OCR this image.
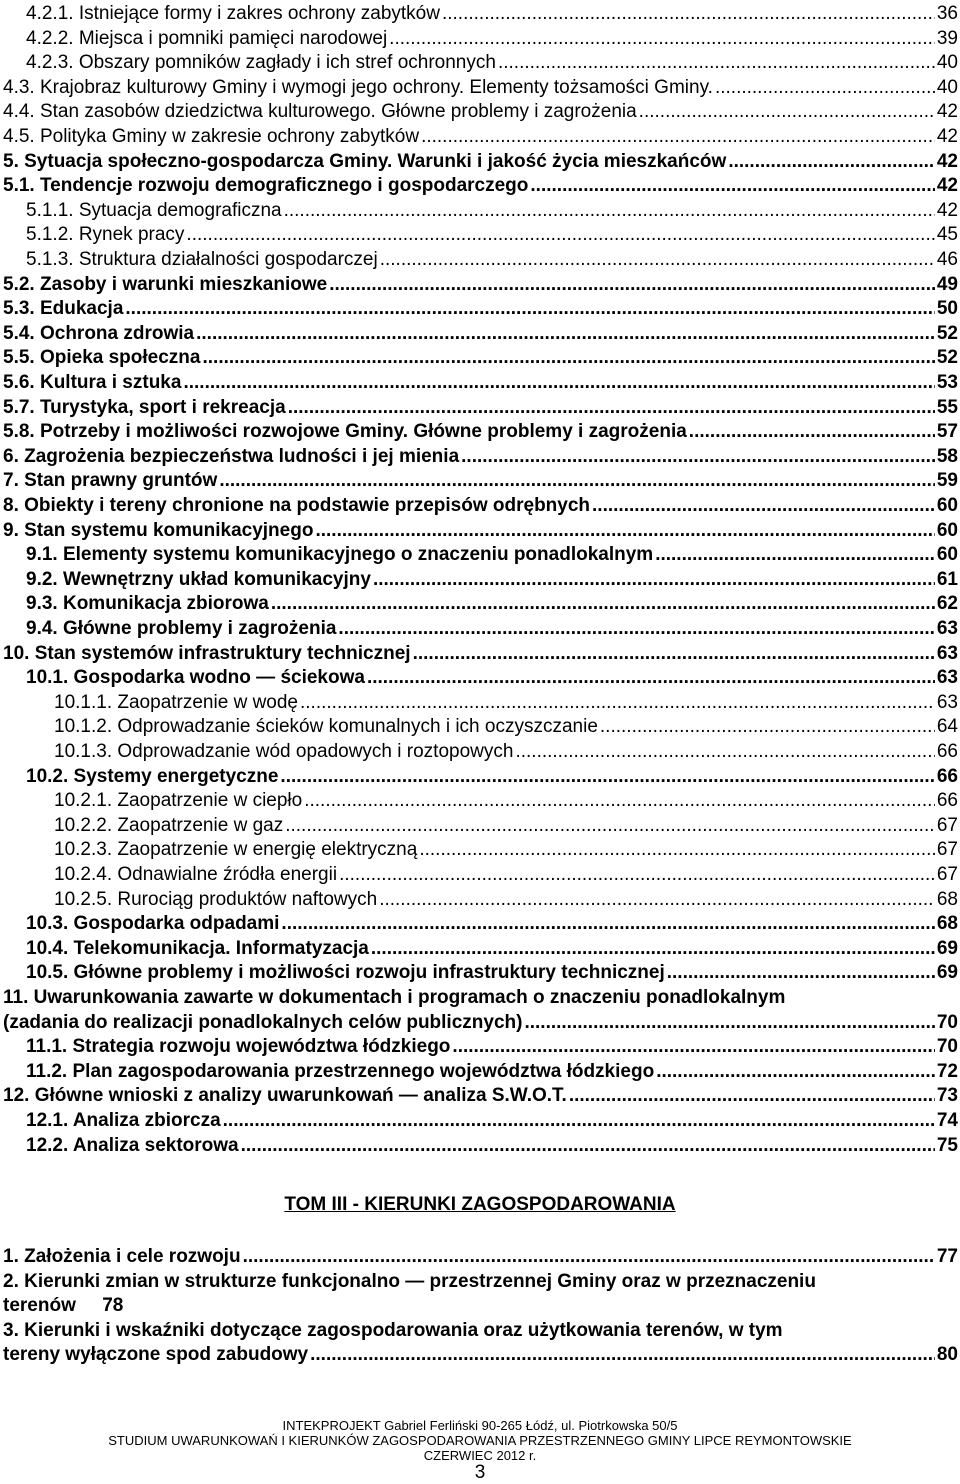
4.2.1. Istniejące formy i zakres ochrony zabytków .....	36
4.2.2. Miejsca i pomniki pamięci narodowej .....	39
4.2.3. Obszary pomników zagłady i ich stref ochronnych .....	40
4.3. Krajobraz kulturowy Gminy i wymogi jego ochrony. Elementy tożsamości Gminy. .....	40
4.4. Stan zasobów dziedzictwa kulturowego. Główne problemy i zagrożenia .....	42
4.5. Polityka Gminy w zakresie ochrony zabytków .....	42
5. Sytuacja społeczno-gospodarcza Gminy. Warunki i jakość życia mieszkańców .....	42
5.1. Tendencje rozwoju demograficznego i gospodarczego .....	42
5.1.1. Sytuacja demograficzna .....	42
5.1.2. Rynek pracy .....	45
5.1.3. Struktura działalności gospodarczej .....	46
5.2. Zasoby i warunki mieszkaniowe .....	49
5.3. Edukacja .....	50
5.4. Ochrona zdrowia .....	52
5.5. Opieka społeczna .....	52
5.6. Kultura i sztuka .....	53
5.7. Turystyka, sport i rekreacja .....	55
5.8. Potrzeby i możliwości rozwojowe Gminy. Główne problemy i zagrożenia .....	57
6. Zagrożenia bezpieczeństwa ludności i jej mienia .....	58
7. Stan prawny gruntów .....	59
8. Obiekty i tereny chronione na podstawie przepisów odrębnych .....	60
9. Stan systemu komunikacyjnego .....	60
9.1. Elementy systemu komunikacyjnego o znaczeniu ponadlokalnym .....	60
9.2. Wewnętrzny układ komunikacyjny .....	61
9.3. Komunikacja zbiorowa .....	62
9.4. Główne problemy i zagrożenia .....	63
10. Stan systemów infrastruktury technicznej .....	63
10.1. Gospodarka wodno — ściekowa .....	63
10.1.1. Zaopatrzenie w wodę .....	63
10.1.2. Odprowadzanie ścieków komunalnych i ich oczyszczanie .....	64
10.1.3. Odprowadzanie wód opadowych i roztopowych .....	66
10.2. Systemy energetyczne .....	66
10.2.1. Zaopatrzenie w ciepło .....	66
10.2.2. Zaopatrzenie w gaz .....	67
10.2.3. Zaopatrzenie w energię elektryczną .....	67
10.2.4. Odnawialne źródła energii .....	67
10.2.5. Rurociąg produktów naftowych .....	68
10.3. Gospodarka odpadami .....	68
10.4. Telekomunikacja. Informatyzacja .....	69
10.5. Główne problemy i możliwości rozwoju infrastruktury technicznej .....	69
11. Uwarunkowania zawarte w dokumentach i programach o znaczeniu ponadlokalnym
(zadania do realizacji ponadlokalnych celów publicznych) .....	70
11.1. Strategia rozwoju województwa łódzkiego .....	70
11.2. Plan zagospodarowania przestrzennego województwa łódzkiego .....	72
12. Główne wnioski z analizy uwarunkowań — analiza S.W.O.T. .....	73
12.1. Analiza zbiorcza .....	74
12.2. Analiza sektorowa .....	75
TOM III - KIERUNKI ZAGOSPODAROWANIA
1. Założenia i cele rozwoju .....	77
2. Kierunki zmian w strukturze funkcjonalno — przestrzennej Gminy oraz w przeznaczeniu
terenów     78
3. Kierunki i wskaźniki dotyczące zagospodarowania oraz użytkowania terenów, w tym
tereny wyłączone spod zabudowy .....	80
INTEKPROJEKT Gabriel Ferliński 90-265 Łódź, ul. Piotrkowska 50/5
STUDIUM UWARUNKOWAŃ I KIERUNKÓW ZAGOSPODAROWANIA PRZESTRZENNEGO GMINY LIPCE REYMONTOWSKIE
CZERWIEC 2012 r.
3
